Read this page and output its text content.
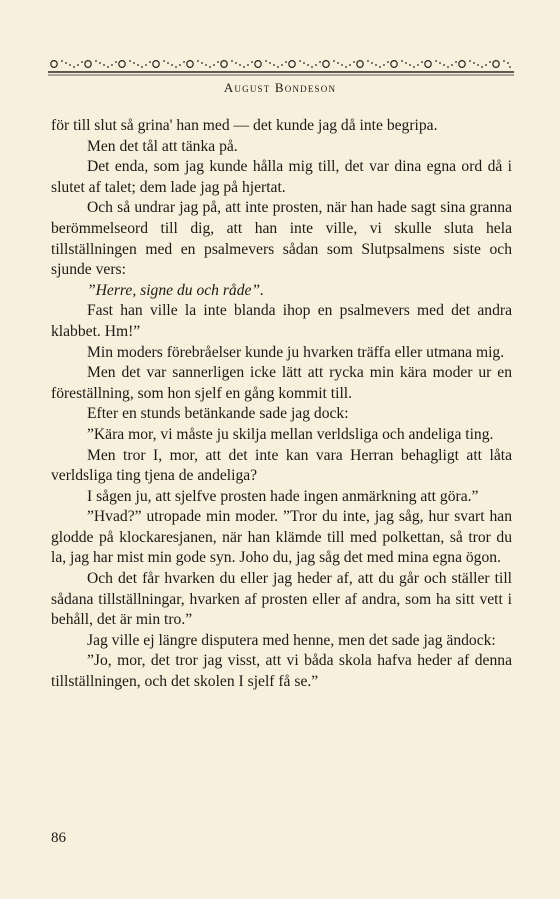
August Bondeson

för till slut så grina' han med — det kunde jag då inte begripa.

Men det tål att tänka på.

Det enda, som jag kunde hålla mig till, det var dina egna ord då i slutet af talet; dem lade jag på hjertat.

Och så undrar jag på, att inte prosten, när han hade sagt sina granna berömmelseord till dig, att han inte ville, vi skulle sluta hela tillställningen med en psalmevers sådan som Slutpsalmens siste och sjunde vers:

”Herre, signe du och råde”.

Fast han ville la inte blanda ihop en psalmevers med det andra klabbet. Hm!”

Min moders förebråelser kunde ju hvarken träffa eller utmana mig.

Men det var sannerligen icke lätt att rycka min kära moder ur en föreställning, som hon sjelf en gång kommit till.

Efter en stunds betänkande sade jag dock:

”Kära mor, vi måste ju skilja mellan verldsliga och andeliga ting.

Men tror I, mor, att det inte kan vara Herran behagligt att låta verldsliga ting tjena de andeliga?

I sågen ju, att sjelfve prosten hade ingen anmärkning att göra.”

”Hvad?” utropade min moder. ”Tror du inte, jag såg, hur svart han glodde på klockaresjanen, när han klämde till med polkettan, så tror du la, jag har mist min gode syn. Joho du, jag såg det med mina egna ögon.

Och det får hvarken du eller jag heder af, att du går och ställer till sådana tillställningar, hvarken af prosten eller af andra, som ha sitt vett i behåll, det är min tro.”

Jag ville ej längre disputera med henne, men det sade jag ändock:

”Jo, mor, det tror jag visst, att vi båda skola hafva heder af denna tillställningen, och det skolen I sjelf få se.”

86
